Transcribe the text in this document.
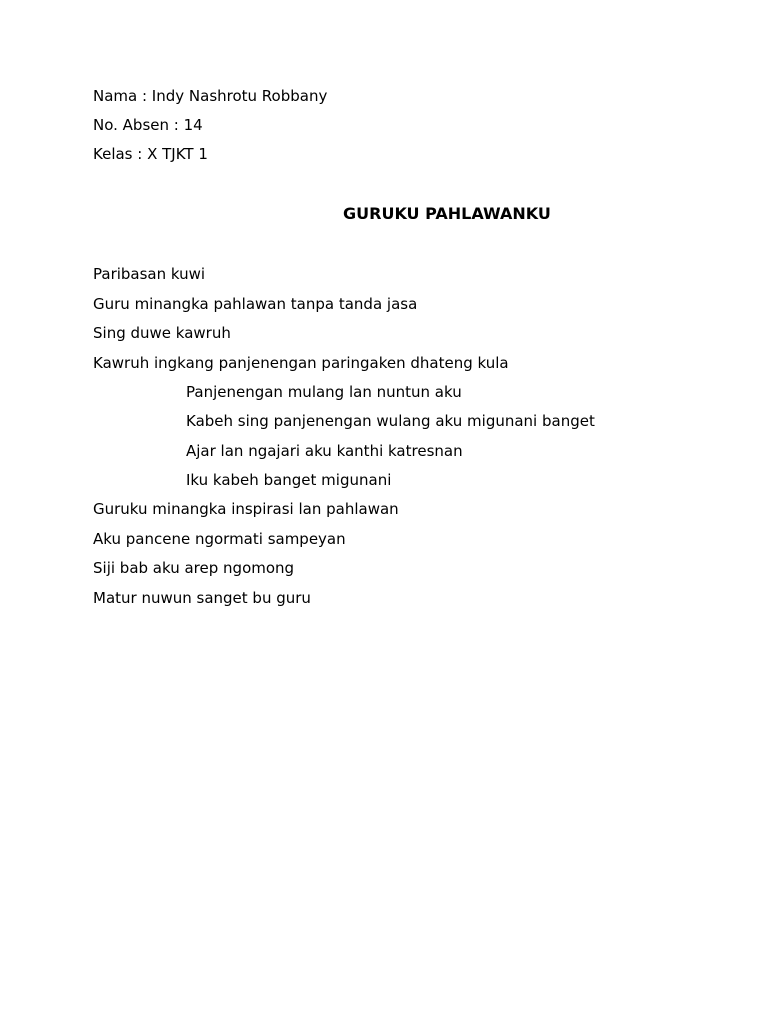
Nama : Indy Nashrotu Robbany
No. Absen : 14
Kelas : X TJKT 1
GURUKU PAHLAWANKU
Paribasan kuwi
Guru minangka pahlawan tanpa tanda jasa
Sing duwe kawruh
Kawruh ingkang panjenengan paringaken dhateng kula
Panjenengan mulang lan nuntun aku
Kabeh sing panjenengan wulang aku migunani banget
Ajar lan ngajari aku kanthi katresnan
Iku kabeh banget migunani
Guruku minangka inspirasi lan pahlawan
Aku pancene ngormati sampeyan
Siji bab aku arep ngomong
Matur nuwun sanget bu guru
